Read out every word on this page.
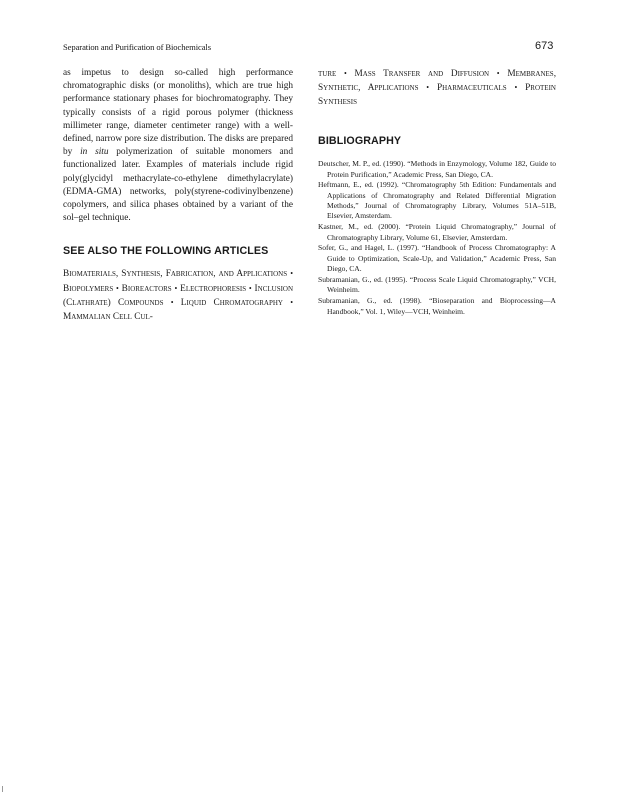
Separation and Purification of Biochemicals	673

as impetus to design so-called high performance chromatographic disks (or monoliths), which are true high performance stationary phases for biochromatography. They typically consists of a rigid porous polymer (thickness millimeter range, diameter centimeter range) with a well-defined, narrow pore size distribution. The disks are prepared by in situ polymerization of suitable monomers and functionalized later. Examples of materials include rigid poly(glycidyl methacrylate-co-ethylene dimethylacrylate) (EDMA-GMA) networks, poly(styrene-codivinylbenzene) copolymers, and silica phases obtained by a variant of the sol–gel technique.

SEE ALSO THE FOLLOWING ARTICLES

Biomaterials, Synthesis, Fabrication, and Applications • Biopolymers • Bioreactors • Electrophoresis • Inclusion (Clathrate) Compounds • Liquid Chromatography • Mammalian Cell Cul-

ture • Mass Transfer and Diffusion • Membranes, Synthetic, Applications • Pharmaceuticals • Protein Synthesis

BIBLIOGRAPHY
Deutscher, M. P., ed. (1990). “Methods in Enzymology, Volume 182, Guide to Protein Purification,” Academic Press, San Diego, CA.
Heftmann, E., ed. (1992). “Chromatography 5th Edition: Fundamentals and Applications of Chromatography and Related Differential Migration Methods,” Journal of Chromatography Library, Volumes 51A–51B, Elsevier, Amsterdam.
Kastner, M., ed. (2000). “Protein Liquid Chromatography,” Journal of Chromatography Library, Volume 61, Elsevier, Amsterdam.
Sofer, G., and Hagel, L. (1997). “Handbook of Process Chromatography: A Guide to Optimization, Scale-Up, and Validation,” Academic Press, San Diego, CA.
Subramanian, G., ed. (1995). “Process Scale Liquid Chromatography,” VCH, Weinheim.
Subramanian, G., ed. (1998). “Bioseparation and Bioprocessing—A Handbook,” Vol. 1, Wiley—VCH, Weinheim.
